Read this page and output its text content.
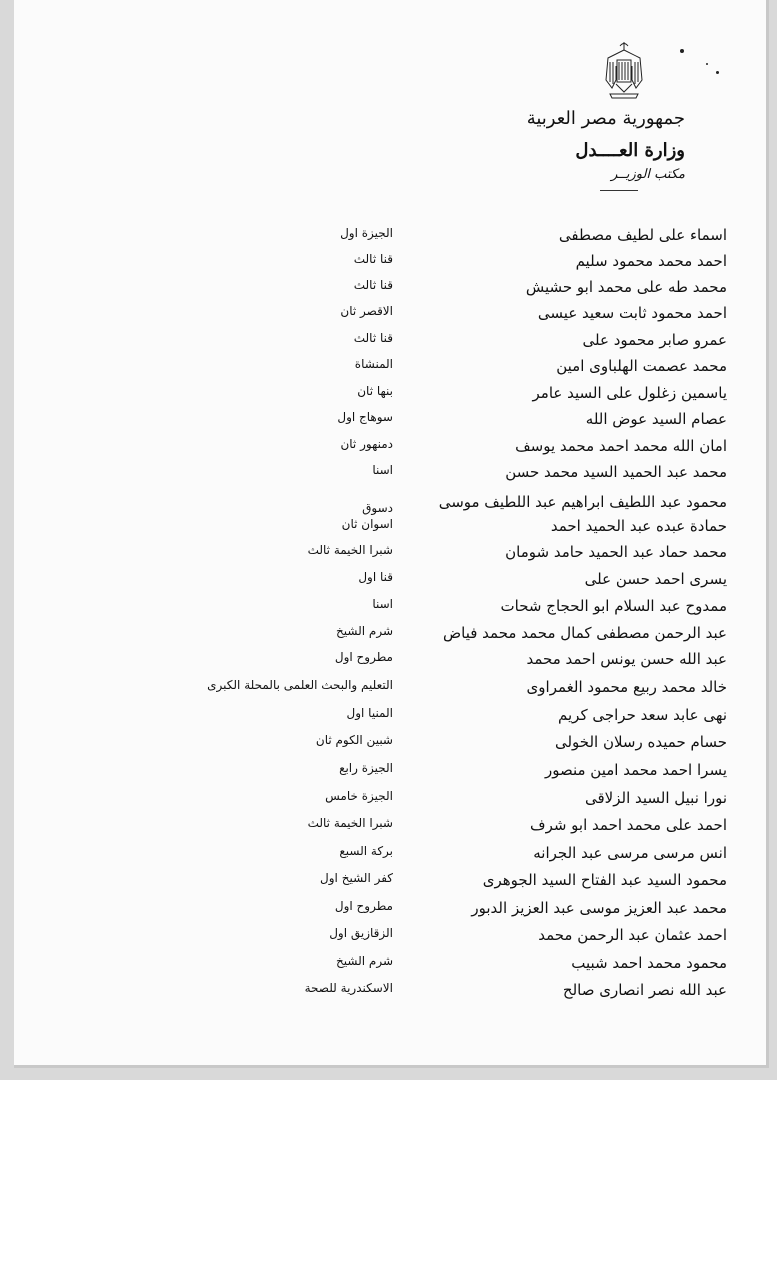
جمهورية مصر العربية
وزارة العــــدل
مكتب الوزيــر
اسماء على لطيف مصطفى
الجيزة اول
احمد محمد محمود سليم
قنا ثالث
محمد طه على محمد ابو حشيش
قنا ثالث
احمد محمود ثابت سعيد عيسى
الاقصر ثان
عمرو صابر محمود على
قنا ثالث
محمد عصمت الهلباوى امين
المنشاة
ياسمين زغلول على السيد عامر
بنها ثان
عصام السيد عوض الله
سوهاج اول
امان الله محمد احمد محمد يوسف
دمنهور ثان
محمد عبد الحميد السيد محمد حسن
اسنا
محمود عبد اللطيف ابراهيم عبد اللطيف موسى
دسوق
حمادة عبده عبد الحميد احمد
اسوان ثان
محمد حماد عبد الحميد حامد شومان
شبرا الخيمة ثالث
يسرى احمد حسن على
قنا اول
ممدوح عبد السلام ابو الحجاج شحات
اسنا
عبد الرحمن مصطفى كمال محمد محمد فياض
شرم الشيخ
عبد الله حسن يونس احمد محمد
مطروح اول
خالد محمد ربيع محمود الغمراوى
التعليم والبحث العلمى بالمحلة الكبرى
نهى عابد سعد حراجى كريم
المنيا اول
حسام حميده رسلان الخولى
شبين الكوم ثان
يسرا احمد محمد امين منصور
الجيزة رابع
نورا نبيل السيد الزلاقى
الجيزة خامس
احمد على محمد احمد ابو شرف
شبرا الخيمة ثالث
انس مرسى مرسى عبد الجرانه
بركة السبع
محمود السيد عبد الفتاح السيد الجوهرى
كفر الشيخ اول
محمد عبد العزيز موسى عبد العزيز الدبور
مطروح اول
احمد عثمان عبد الرحمن محمد
الزقازيق اول
محمود محمد احمد شبيب
شرم الشيخ
عبد الله نصر انصارى صالح
الاسكندرية للصحة
